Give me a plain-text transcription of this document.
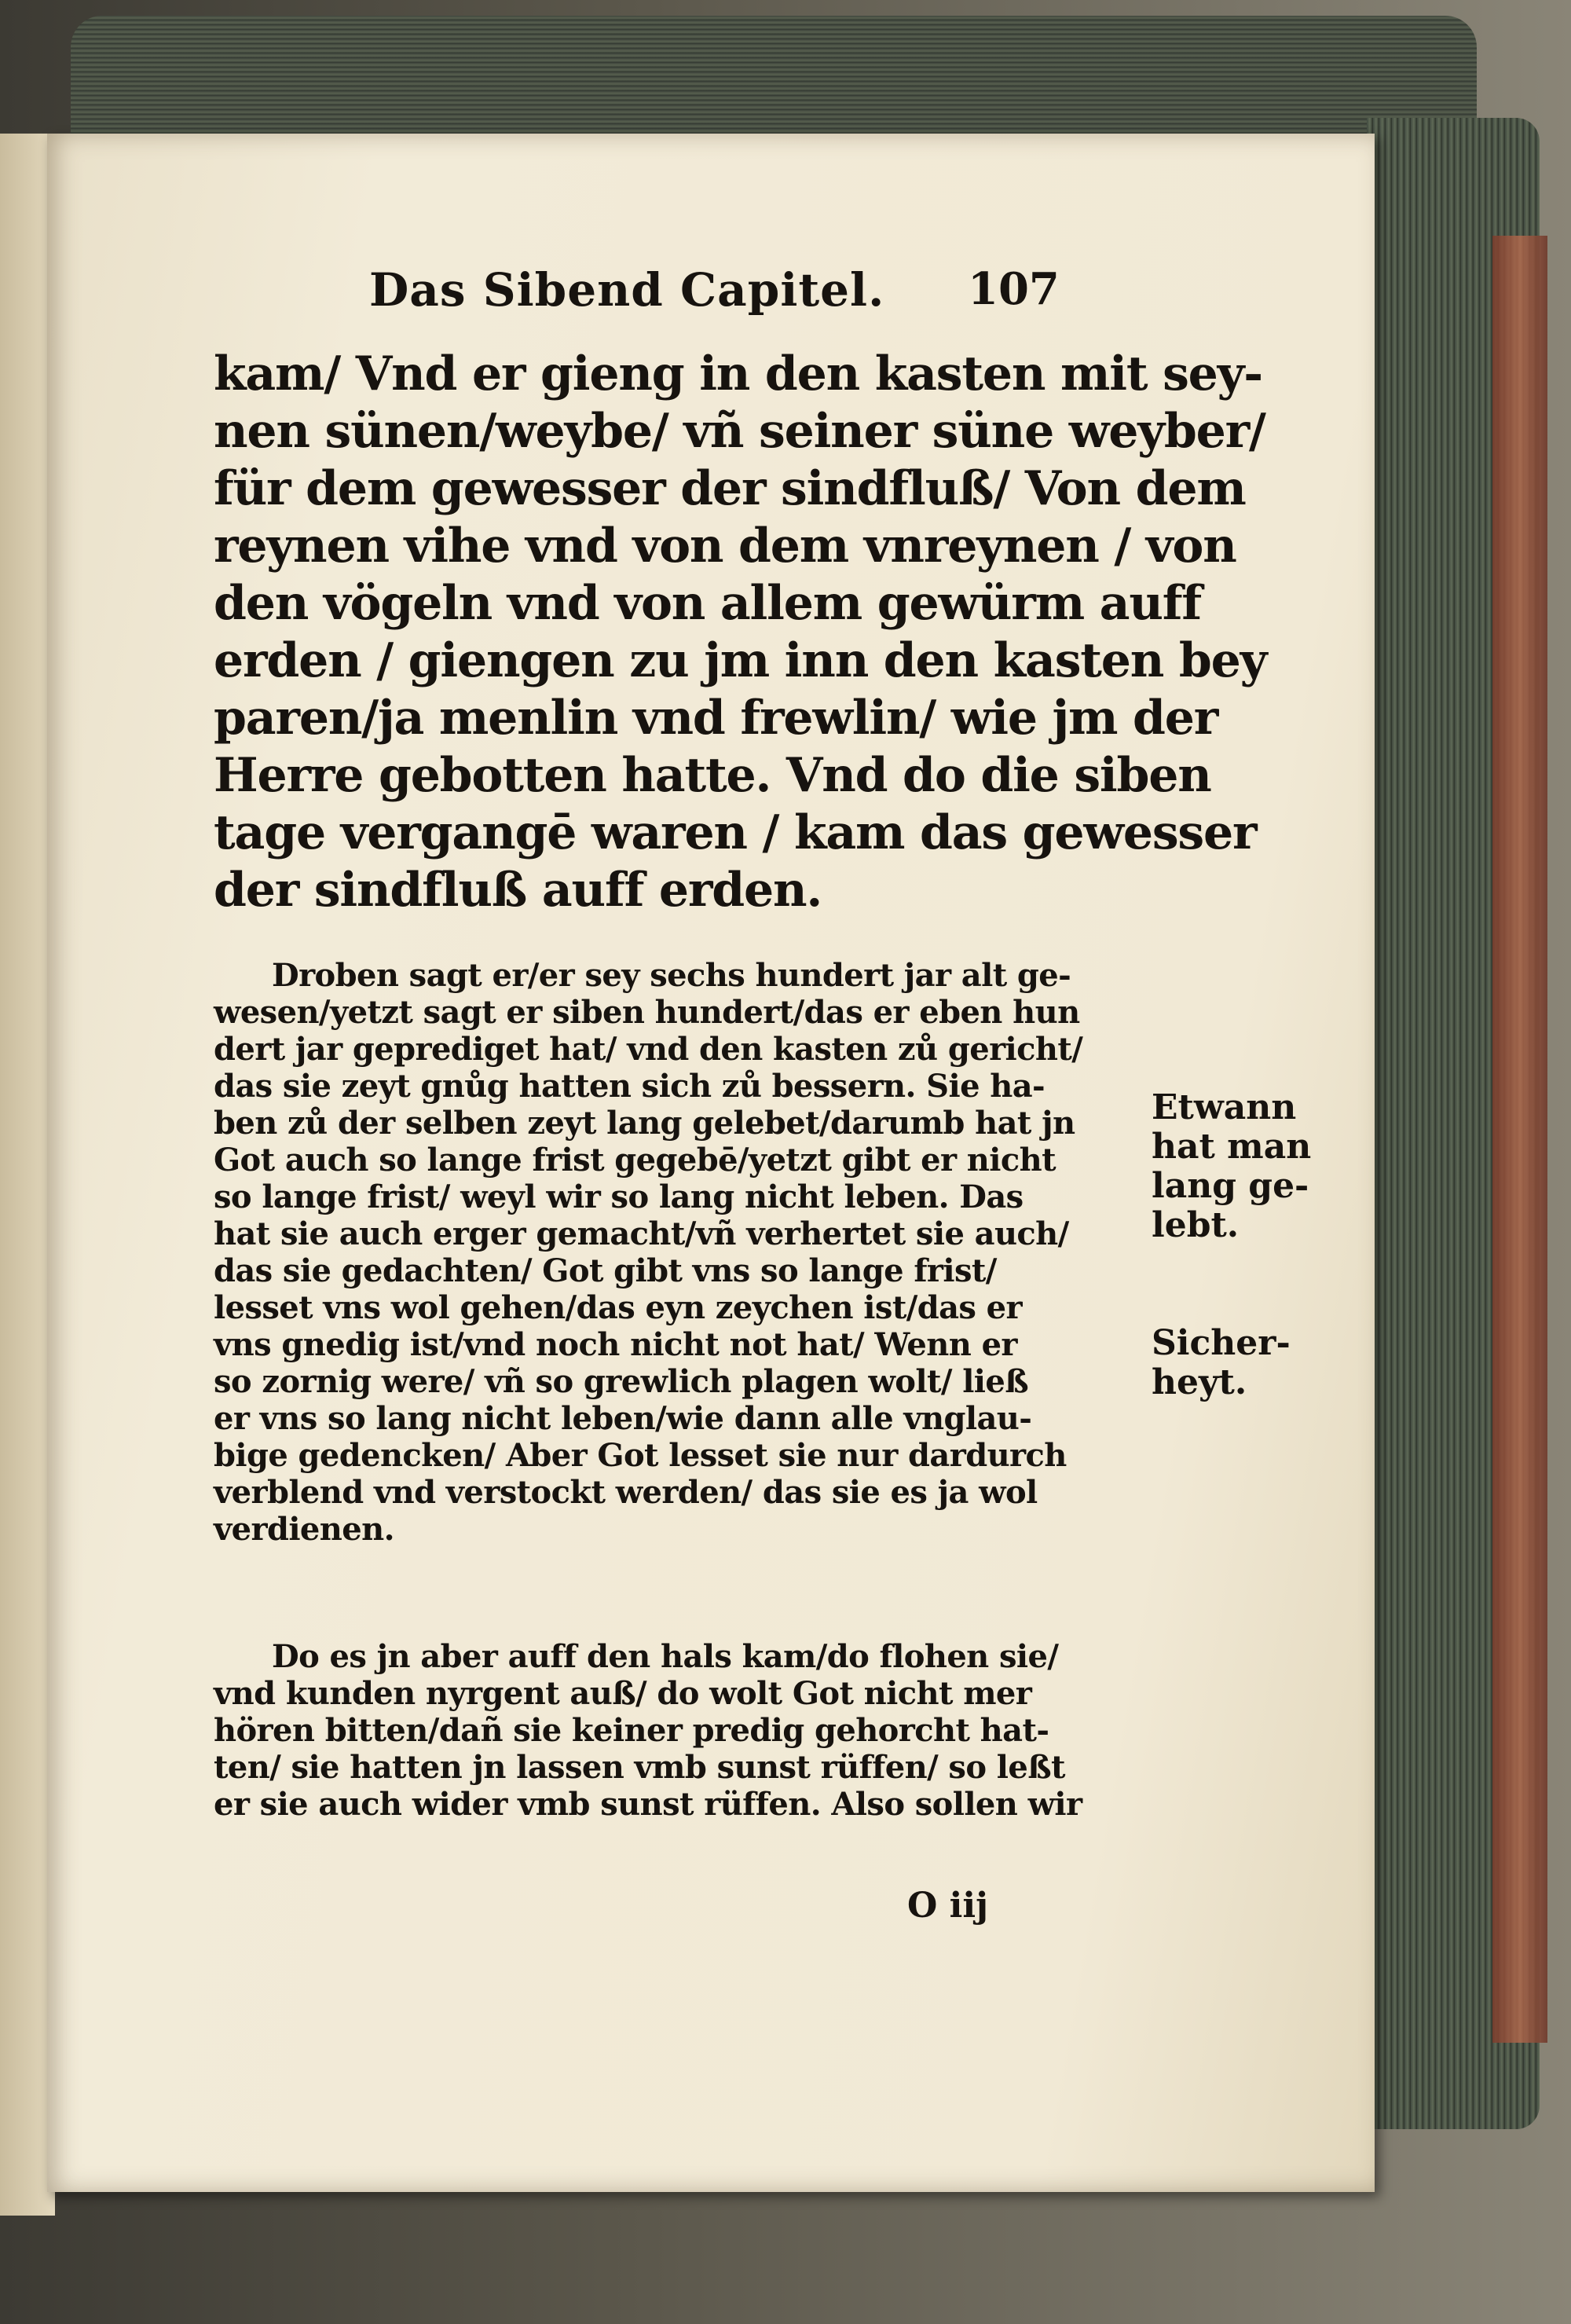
Das Sibend Capitel. 107
kam/ Vnd er gieng in den kasten mit sey-
nen sünen/weybe/ vñ seiner süne weyber/
für dem gewesser der sindfluß/ Von dem
reynen vihe vnd von dem vnreynen / von
den vögeln vnd von allem gewürm auff
erden / giengen zu jm inn den kasten bey
paren/ja menlin vnd frewlin/ wie jm der
Herre gebotten hatte. Vnd do die siben
tage vergangē waren / kam das gewesser
der sindfluß auff erden.
Droben sagt er/er sey sechs hundert jar alt ge-
wesen/yetzt sagt er siben hundert/das er eben hun
dert jar geprediget hat/ vnd den kasten zů gericht/
das sie zeyt gnůg hatten sich zů bessern. Sie ha-
ben zů der selben zeyt lang gelebet/darumb hat jn
Got auch so lange frist gegebē/yetzt gibt er nicht
so lange frist/ weyl wir so lang nicht leben. Das
hat sie auch erger gemacht/vñ verhertet sie auch/
das sie gedachten/ Got gibt vns so lange frist/
lesset vns wol gehen/das eyn zeychen ist/das er
vns gnedig ist/vnd noch nicht not hat/ Wenn er
so zornig were/ vñ so grewlich plagen wolt/ ließ
er vns so lang nicht leben/wie dann alle vnglau-
bige gedencken/ Aber Got lesset sie nur dardurch
verblend vnd verstockt werden/ das sie es ja wol
verdienen.
Do es jn aber auff den hals kam/do flohen sie/
vnd kunden nyrgent auß/ do wolt Got nicht mer
hören bitten/dañ sie keiner predig gehorcht hat-
ten/ sie hatten jn lassen vmb sunst rüffen/ so leßt
er sie auch wider vmb sunst rüffen. Also sollen wir
Etwann
hat man
lang ge-
lebt.
Sicher-
heyt.
O iij
